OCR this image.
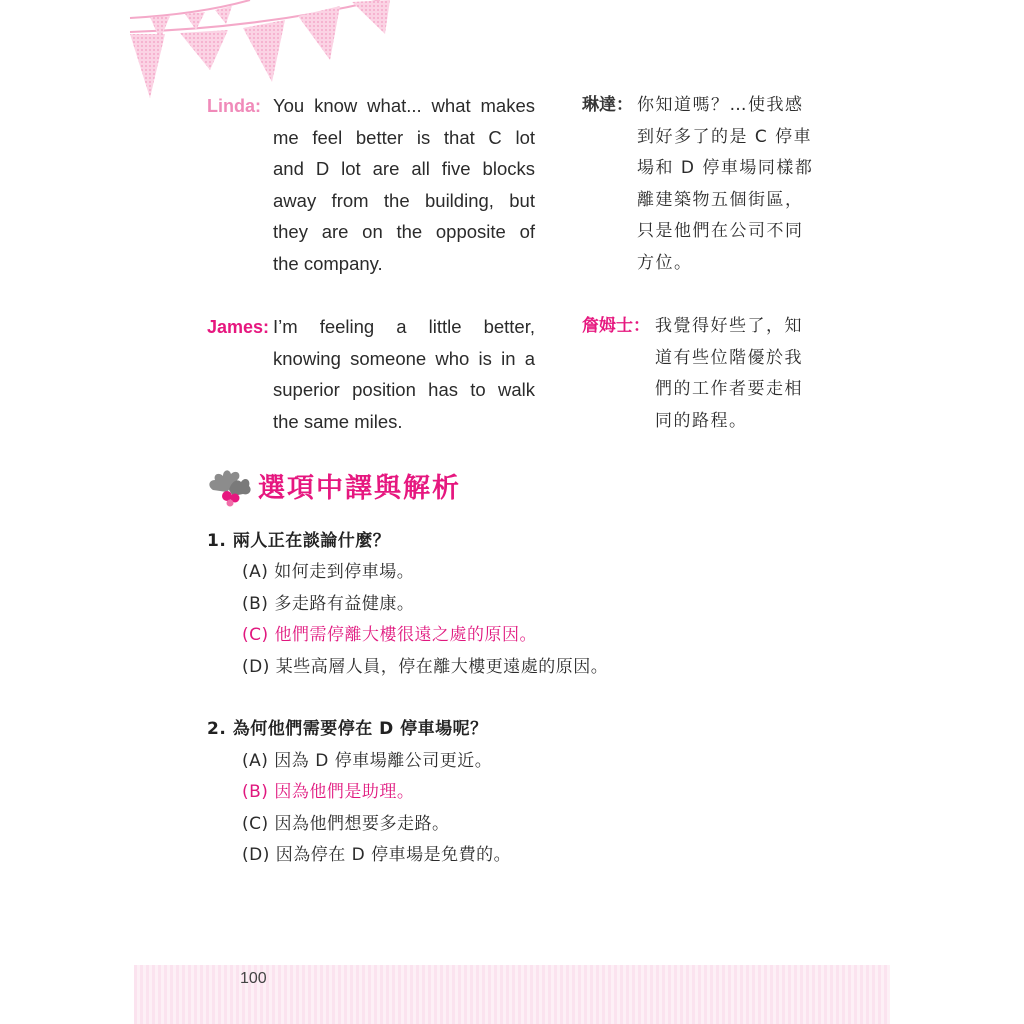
Linda: You know what... what makes
me feel better is that C lot
and D lot are all five blocks
away from the building, but
they are on the opposite of
the company.
琳達： 你知道嗎？…使我感
到好多了的是 C 停車
場和 D 停車場同樣都
離建築物五個街區，
只是他們在公司不同
方位。
James: I’m feeling a little better,
knowing someone who is in a
superior position has to walk
the same miles.
詹姆士： 我覺得好些了，知
道有些位階優於我
們的工作者要走相
同的路程。
選項中譯與解析
1. 兩人正在談論什麼？
(A) 如何走到停車場。
(B) 多走路有益健康。
(C) 他們需停離大樓很遠之處的原因。
(D) 某些高層人員，停在離大樓更遠處的原因。
2. 為何他們需要停在 D 停車場呢？
(A) 因為 D 停車場離公司更近。
(B) 因為他們是助理。
(C) 因為他們想要多走路。
(D) 因為停在 D 停車場是免費的。
100
